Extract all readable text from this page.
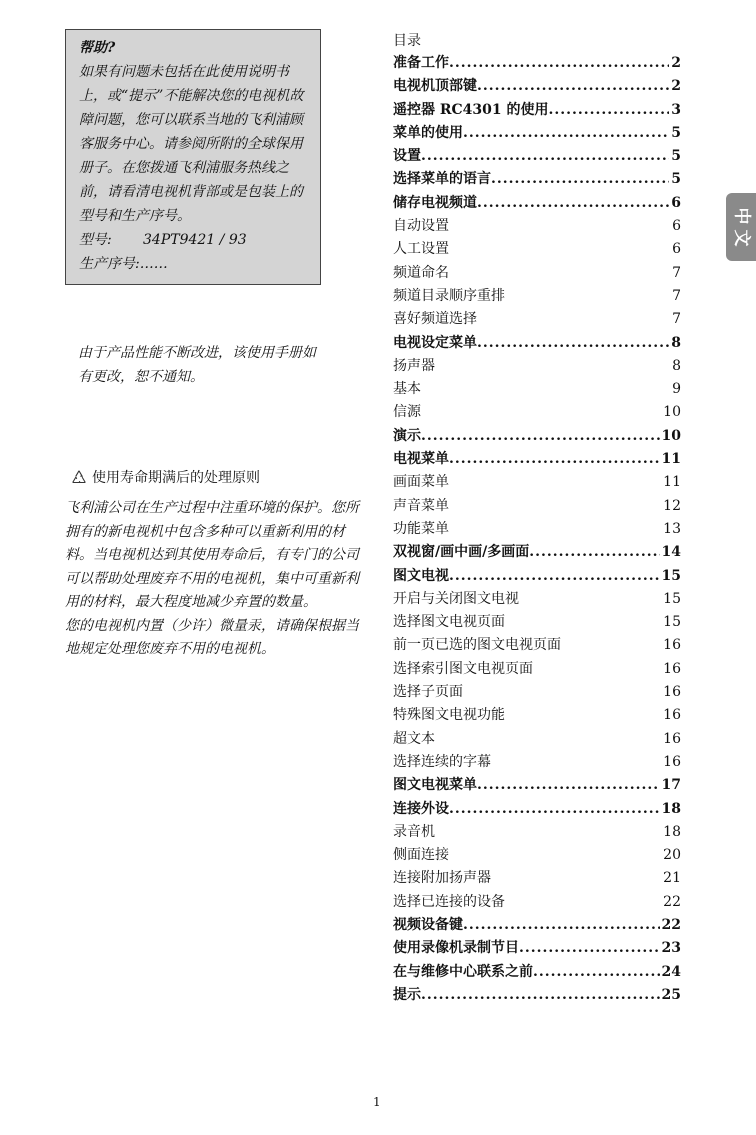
帮助?

如果有问题未包括在此使用说明书上，或“提示”不能解决您的电视机故障问题，您可以联系当地的飞利浦顾客服务中心。请参阅所附的全球保用册子。在您拨通飞利浦服务热线之前，请看清电视机背部或是包装上的型号和生产序号。

型号: 34PT9421 / 93
生产序号:……
由于产品性能不断改进，该使用手册如有更改，恕不通知。
使用寿命期满后的处理原则

飞利浦公司在生产过程中注重环境的保护。您所拥有的新电视机中包含多种可以重新利用的材料。当电视机达到其使用寿命后，有专门的公司可以帮助处理废弃不用的电视机，集中可重新利用的材料，最大程度地减少弃置的数量。

您的电视机内置（少许）微量汞，请确保根据当地规定处理您废弃不用的电视机。

目录
准备工作 .....	2
电视机顶部键 .....	2
遥控器 RC4301 的使用 .....	3
菜单的使用 .....	5
设置 .....	5
选择菜单的语言 .....	5
储存电视频道 .....	6
自动设置	6
人工设置	6
频道命名	7
频道目录顺序重排	7
喜好频道选择	7
电视设定菜单 .....	8
扬声器	8
基本	9
信源	10
演示 .....	10
电视菜单 .....	11
画面菜单	11
声音菜单	12
功能菜单	13
双视窗/画中画/多画面 .....	14
图文电视 .....	15
开启与关闭图文电视	15
选择图文电视页面	15
前一页已选的图文电视页面	16
选择索引图文电视页面	16
选择子页面	16
特殊图文电视功能	16
超文本	16
选择连续的字幕	16
图文电视菜单 .....	17
连接外设 .....	18
录音机	18
侧面连接	20
连接附加扬声器	21
选择已连接的设备	22
视频设备键 .....	22
使用录像机录制节目 .....	23
在与维修中心联系之前 .....	24
提示 .....	25
中
文
1
